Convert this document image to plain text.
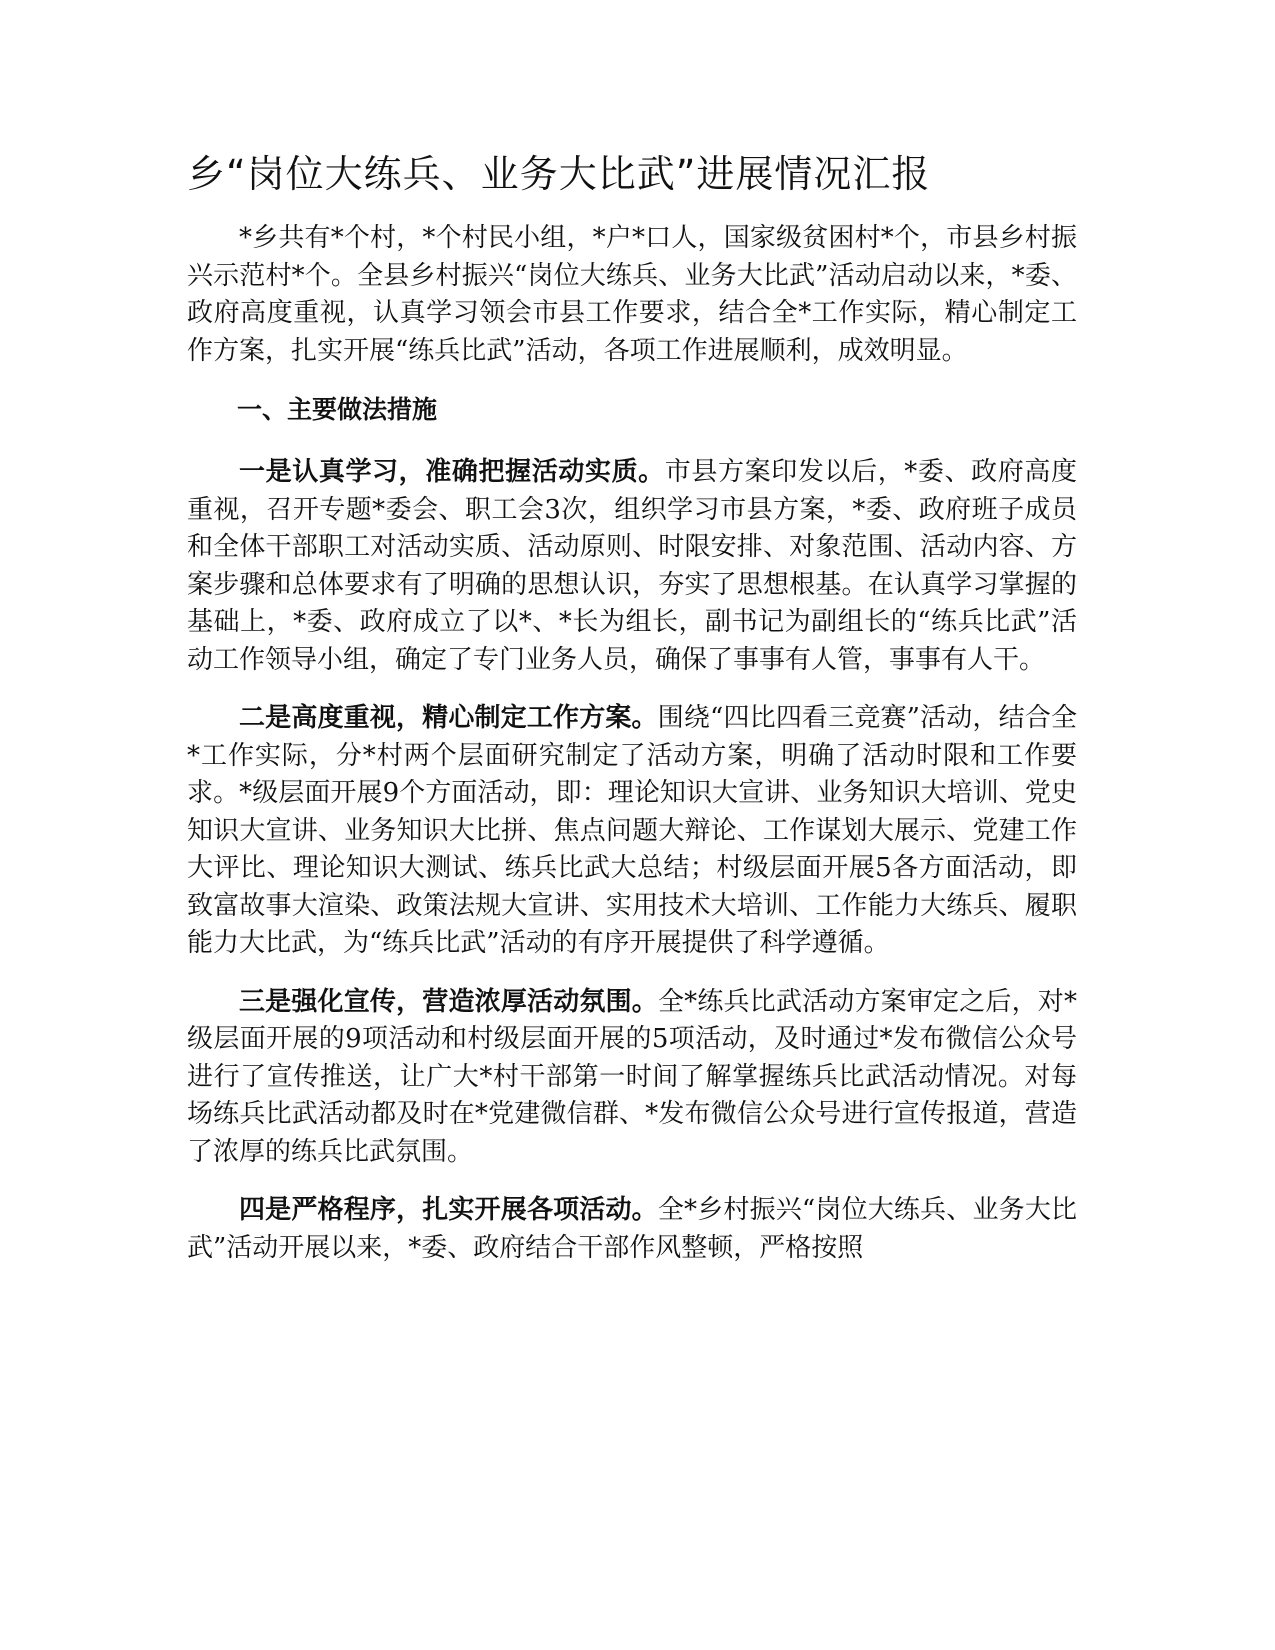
乡“岗位大练兵、业务大比武”进展情况汇报

*乡共有*个村，*个村民小组，*户*口人，国家级贫困村*个，市县乡村振兴示范村*个。全县乡村振兴“岗位大练兵、业务大比武”活动启动以来，*委、政府高度重视，认真学习领会市县工作要求，结合全*工作实际，精心制定工作方案，扎实开展“练兵比武”活动，各项工作进展顺利，成效明显。

一、主要做法措施

一是认真学习，准确把握活动实质。市县方案印发以后，*委、政府高度重视，召开专题*委会、职工会3次，组织学习市县方案，*委、政府班子成员和全体干部职工对活动实质、活动原则、时限安排、对象范围、活动内容、方案步骤和总体要求有了明确的思想认识，夯实了思想根基。在认真学习掌握的基础上，*委、政府成立了以*、*长为组长，副书记为副组长的“练兵比武”活动工作领导小组，确定了专门业务人员，确保了事事有人管，事事有人干。

二是高度重视，精心制定工作方案。围绕“四比四看三竞赛”活动，结合全*工作实际，分*村两个层面研究制定了活动方案，明确了活动时限和工作要求。*级层面开展9个方面活动，即：理论知识大宣讲、业务知识大培训、党史知识大宣讲、业务知识大比拼、焦点问题大辩论、工作谋划大展示、党建工作大评比、理论知识大测试、练兵比武大总结；村级层面开展5各方面活动，即致富故事大渲染、政策法规大宣讲、实用技术大培训、工作能力大练兵、履职能力大比武，为“练兵比武”活动的有序开展提供了科学遵循。

三是强化宣传，营造浓厚活动氛围。全*练兵比武活动方案审定之后，对*级层面开展的9项活动和村级层面开展的5项活动，及时通过*发布微信公众号进行了宣传推送，让广大*村干部第一时间了解掌握练兵比武活动情况。对每场练兵比武活动都及时在*党建微信群、*发布微信公众号进行宣传报道，营造了浓厚的练兵比武氛围。

四是严格程序，扎实开展各项活动。全*乡村振兴“岗位大练兵、业务大比武”活动开展以来，*委、政府结合干部作风整顿，严格按照
